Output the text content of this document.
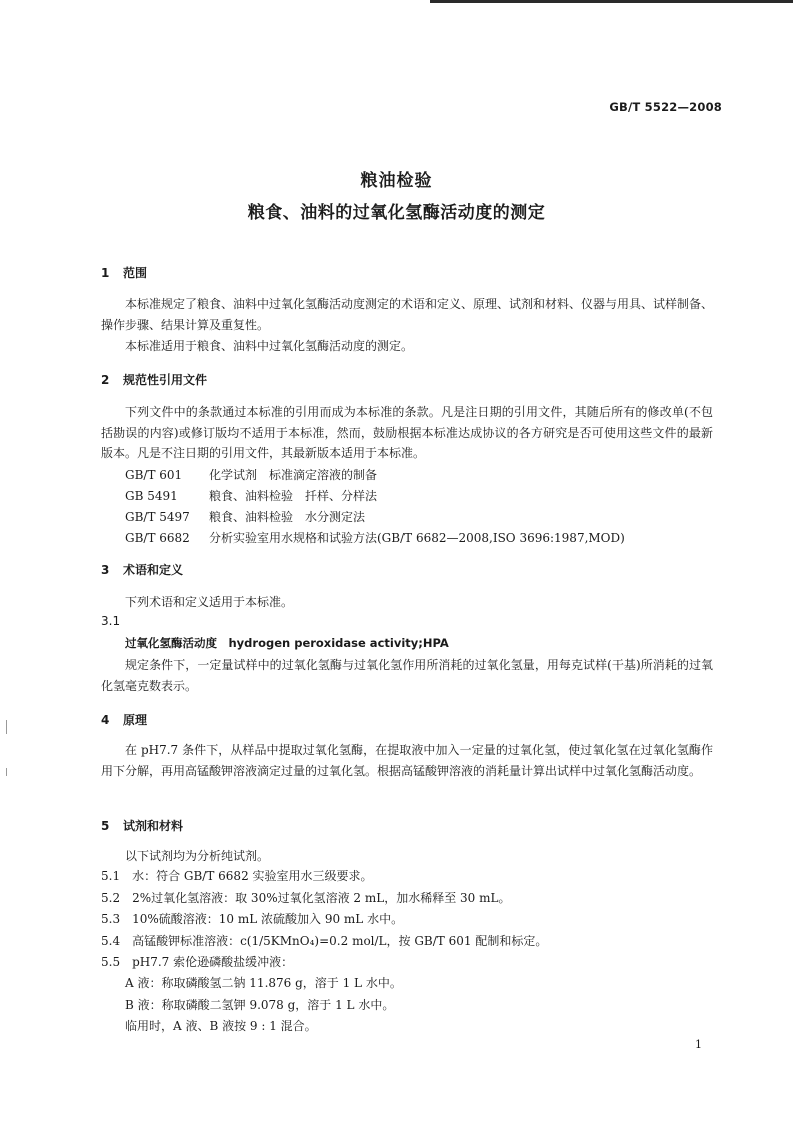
GB/T 5522—2008
粮油检验
粮食、油料的过氧化氢酶活动度的测定
1 范围
本标准规定了粮食、油料中过氧化氢酶活动度测定的术语和定义、原理、试剂和材料、仪器与用具、试样制备、操作步骤、结果计算及重复性。
本标准适用于粮食、油料中过氧化氢酶活动度的测定。
2 规范性引用文件
下列文件中的条款通过本标准的引用而成为本标准的条款。凡是注日期的引用文件，其随后所有的修改单(不包括勘误的内容)或修订版均不适用于本标准，然而，鼓励根据本标准达成协议的各方研究是否可使用这些文件的最新版本。凡是不注日期的引用文件，其最新版本适用于本标准。
GB/T 601 化学试剂　标准滴定溶液的制备
GB 5491	粮食、油料检验　扦样、分样法
GB/T 5497 粮食、油料检验　水分测定法
GB/T 6682 分析实验室用水规格和试验方法(GB/T 6682—2008,ISO 3696:1987,MOD)
3 术语和定义
下列术语和定义适用于本标准。
3.1
过氧化氢酶活动度　hydrogen peroxidase activity;HPA
规定条件下，一定量试样中的过氧化氢酶与过氧化氢作用所消耗的过氧化氢量，用每克试样(干基)所消耗的过氧化氢毫克数表示。
4 原理
在 pH7.7 条件下，从样品中提取过氧化氢酶，在提取液中加入一定量的过氧化氢，使过氧化氢在过氧化氢酶作用下分解，再用高锰酸钾溶液滴定过量的过氧化氢。根据高锰酸钾溶液的消耗量计算出试样中过氧化氢酶活动度。
5 试剂和材料
以下试剂均为分析纯试剂。
5.1　水：符合 GB/T 6682 实验室用水三级要求。
5.2　2%过氧化氢溶液：取 30%过氧化氢溶液 2 mL，加水稀释至 30 mL。
5.3　10%硫酸溶液：10 mL 浓硫酸加入 90 mL 水中。
5.4　高锰酸钾标准溶液：c(1/5KMnO₄)=0.2 mol/L，按 GB/T 601 配制和标定。
5.5　pH7.7 索伦逊磷酸盐缓冲液：
A 液：称取磷酸氢二钠 11.876 g，溶于 1 L 水中。
B 液：称取磷酸二氢钾 9.078 g，溶于 1 L 水中。
临用时，A 液、B 液按 9 : 1 混合。
1
